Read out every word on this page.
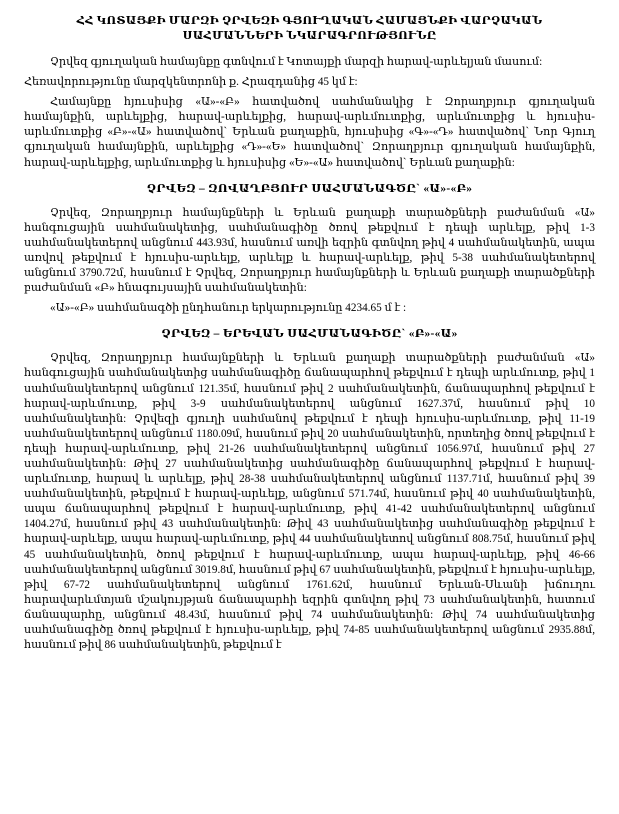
ՀՀ ԿՈՏԱՅՔԻ ՄԱՐԶԻ ՉՐՎԵԶԻ ԳՅՈՒՂԱԿԱՆ ՀԱՄԱՅՆՔԻ ՎԱՐՉԱԿԱՆ
ՍԱՀՄԱՆՆԵՐԻ ՆԿԱՐԱԳՐՈՒԹՅՈՒՆԸ

Չրվեզ գյուղական համայնքը գտնվում է Կոտայքի մարզի հարավ-արևելյան մասում:

Հեռավորությունը մարզկենտրոնի ք. Հրազդանից 45 կմ է:

Համայնքը հյուսիսից «Ա»-«Բ» հատվածով սահմանակից է Զորաղբյուր գյուղական համայնքին, արևելքից, հարավ-արևելքից, հարավ-արևմուտքից, արևմուտքից և հյուսիս-արևմուտքից «Բ»-«Ա» հատվածով` Երևան քաղաքին, հյուսիսից «Գ»-«Դ» հատվածով` Նոր Գյուղ գյուղական համայնքին, արևելքից «Դ»-«Ե» հատվածով` Զորաղբյուր գյուղական համայնքին, հարավ-արևելքից, արևմուտքից և հյուսիսից «Ե»-«Ա» հատվածով` Երևան քաղաքին:

ՉՐՎԵԶ – ԶՈՎԱՂԲՅՈՒՐ ՍԱՀՄԱՆԱԳԾԸ` «Ա»-«Բ»

Չրվեզ, Զորաղբյուր համայնքների և Երևան քաղաքի տարածքների բաժանման «Ա» հանգուցային սահմանակետից, սահմանագիծը ծռով թեքվում է դեպի արևելք, թիվ 1-3 սահմանակետերով անցնում 443.93մ, հասնում առվի եզրին գտնվող թիվ 4 սահմանակետին, ապա առվով թեքվում է հյուսիս-արևելք, արևելք և հարավ-արևելք, թիվ 5-38 սահմանակետերով անցնում 3790.72մ, հասնում է Չրվեզ, Զորաղբյուր համայնքների և Երևան քաղաքի տարածքների բաժանման «Բ» հնագույսային սահմանակետին:

«Ա»-«Բ» սահմանագծի ընդհանուր երկարությունը 4234.65 մ է :

ՉՐՎԵԶ – ԵՐԵՎԱՆ ՍԱՀՄԱՆԱԳԻԾԸ` «Բ»-«Ա»

Չրվեզ, Զորաղբյուր համայնքների և Երևան քաղաքի տարածքների բաժանման «Ա» հանգուցային սահմանակետից սահմանագիծը ճանապարհով թեքվում է դեպի արևմուտք, թիվ 1 սահմանակետերով անցնում 121.35մ, հասնում թիվ 2 սահմանակետին, ճանապարհով թեքվում է հարավ-արևմուտք, թիվ 3-9 սահմանակետերով անցնում 1627.37մ, հասնում թիվ 10 սահմանակետին: Չրվեզի գյուղի սահմանով թեքվում է դեպի հյուսիս-արևմուտք, թիվ 11-19 սահմանակետերով անցնում 1180.09մ, հասնում թիվ 20 սահմանակետին, որտեղից ծռով թեքվում է դեպի հարավ-արևմուտք, թիվ 21-26 սահմանակետերով անցնում 1056.97մ, հասնում թիվ 27 սահմանակետին: Թիվ 27 սահմանակետից սահմանագիծը ճանապարհով թեքվում է հարավ-արևմուտք, հարավ և արևելք, թիվ 28-38 սահմանակետերով անցնում 1137.71մ, հասնում թիվ 39 սահմանակետին, թեքվում է հարավ-արևելք, անցնում 571.74մ, հասնում թիվ 40 սահմանակետին, ապա ճանապարհով թեքվում է հարավ-արևմուտք, թիվ 41-42 սահմանակետերով անցնում 1404.27մ, հասնում թիվ 43 սահմանակետին: Թիվ 43 սահմանակետից սահմանագիծը թեքվում է հարավ-արևելք, ապա հարավ-արևմուտք, թիվ 44 սահմանակետով անցնում 808.75մ, հասնում թիվ 45 սահմանակետին, ծռով թեքվում է հարավ-արևմուտք, ապա հարավ-արևելք, թիվ 46-66 սահմանակետերով անցնում 3019.8մ, հասնում թիվ 67 սահմանակետին, թեքվում է հյուսիս-արևելք, թիվ 67-72 սահմանակետերով անցնում 1761.62մ, հասնում Երևան-Սևանի խճուղու հարավարևմտյան մշակույթյան ճանապարհի եզրին գտնվող թիվ 73 սահմանակետին, հատում ճանապարհը, անցնում 48.43մ, հասնում թիվ 74 սահմանակետին: Թիվ 74 սահմանակետից սահմանագիծը ծռով թեքվում է հյուսիս-արևելք, թիվ 74-85 սահմանակետերով անցնում 2935.88մ, հասնում թիվ 86 սահմանակետին, թեքվում է
